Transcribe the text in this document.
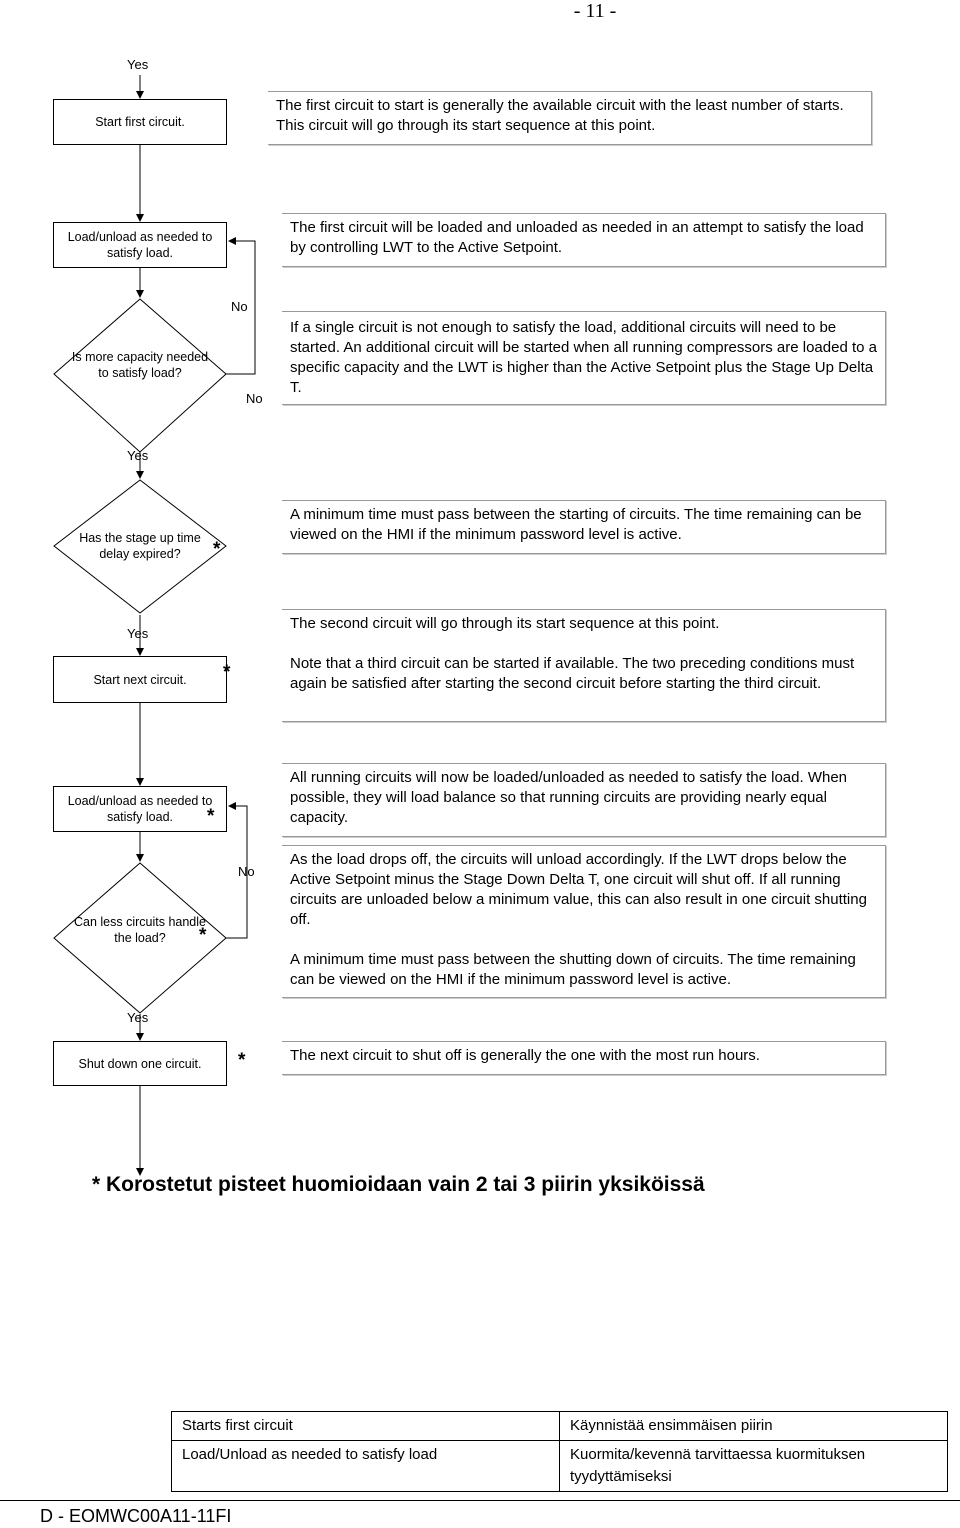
- 11 -
Yes
No
No
Yes
Yes
No
Yes
Start first circuit.
Load/unload as needed to satisfy load.
Start next circuit.
Load/unload as needed to satisfy load.
Shut down one circuit.
Is more capacity needed to satisfy load?
Has the stage up time delay expired?
Can less circuits handle the load?
*
*
*
*
*

The first circuit to start is generally the available circuit with the least number of starts. This circuit will go through its start sequence at this point.

The first circuit will be loaded and unloaded as needed in an attempt to satisfy the load by controlling LWT to the Active Setpoint.

If a single circuit is not enough to satisfy the load, additional circuits will need to be started. An additional circuit will be started when all running compressors are loaded to a specific capacity and the LWT is higher than the Active Setpoint plus the Stage Up Delta T.

A minimum time must pass between the starting of circuits. The time remaining can be viewed on the HMI if the minimum password level is active.

The second circuit will go through its start sequence at this point.

Note that a third circuit can be started if available. The two preceding conditions must again be satisfied after starting the second circuit before starting the third circuit.

All running circuits will now be loaded/unloaded as needed to satisfy the load. When possible, they will load balance so that running circuits are providing nearly equal capacity.

As the load drops off, the circuits will unload accordingly. If the LWT drops below the Active Setpoint minus the Stage Down Delta T, one circuit will shut off. If all running circuits are unloaded below a minimum value, this can also result in one circuit shutting off.

A minimum time must pass between the shutting down of circuits. The time remaining can be viewed on the HMI if the minimum password level is active.

The next circuit to shut off is generally the one with the most run hours.

* Korostetut pisteet huomioidaan vain 2 tai 3 piirin yksiköissä
Starts first circuit	Käynnistää ensimmäisen piirin
Load/Unload as needed to satisfy load	Kuormita/kevennä tarvittaessa kuormituksen tyydyttämiseksi
D - EOMWC00A11-11FI
